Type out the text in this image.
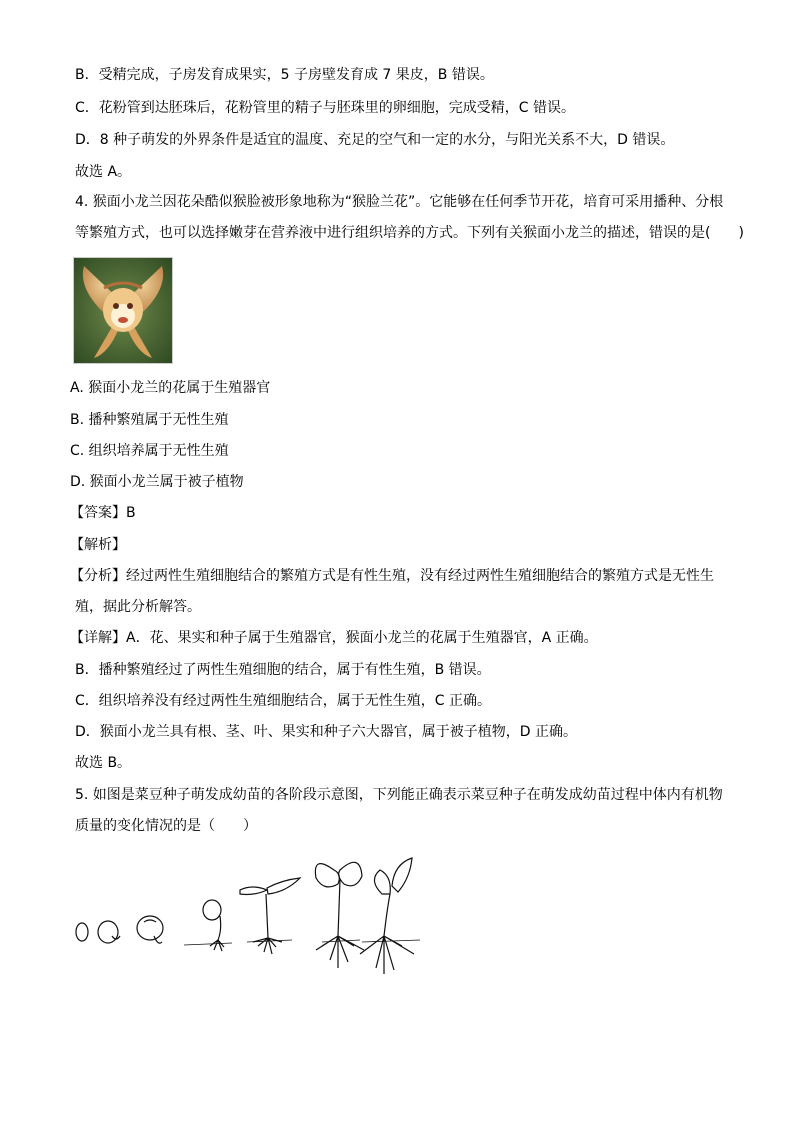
B．受精完成，子房发育成果实，5 子房壁发育成 7 果皮，B 错误。
C．花粉管到达胚珠后，花粉管里的精子与胚珠里的卵细胞，完成受精，C 错误。
D．8 种子萌发的外界条件是适宜的温度、充足的空气和一定的水分，与阳光关系不大，D 错误。
故选 A。
4. 猴面小龙兰因花朵酷似猴脸被形象地称为“猴脸兰花”。它能够在任何季节开花，培育可采用播种、分根
等繁殖方式，也可以选择嫩芽在营养液中进行组织培养的方式。下列有关猴面小龙兰的描述，错误的是(　　)
A. 猴面小龙兰的花属于生殖器官
B. 播种繁殖属于无性生殖
C. 组织培养属于无性生殖
D. 猴面小龙兰属于被子植物
【答案】B
【解析】
【分析】经过两性生殖细胞结合的繁殖方式是有性生殖，没有经过两性生殖细胞结合的繁殖方式是无性生
殖，据此分析解答。
【详解】A．花、果实和种子属于生殖器官，猴面小龙兰的花属于生殖器官，A 正确。
B．播种繁殖经过了两性生殖细胞的结合，属于有性生殖，B 错误。
C．组织培养没有经过两性生殖细胞结合，属于无性生殖，C 正确。
D．猴面小龙兰具有根、茎、叶、果实和种子六大器官，属于被子植物，D 正确。
故选 B。
5. 如图是菜豆种子萌发成幼苗的各阶段示意图，下列能正确表示菜豆种子在萌发成幼苗过程中体内有机物
质量的变化情况的是（　　）
